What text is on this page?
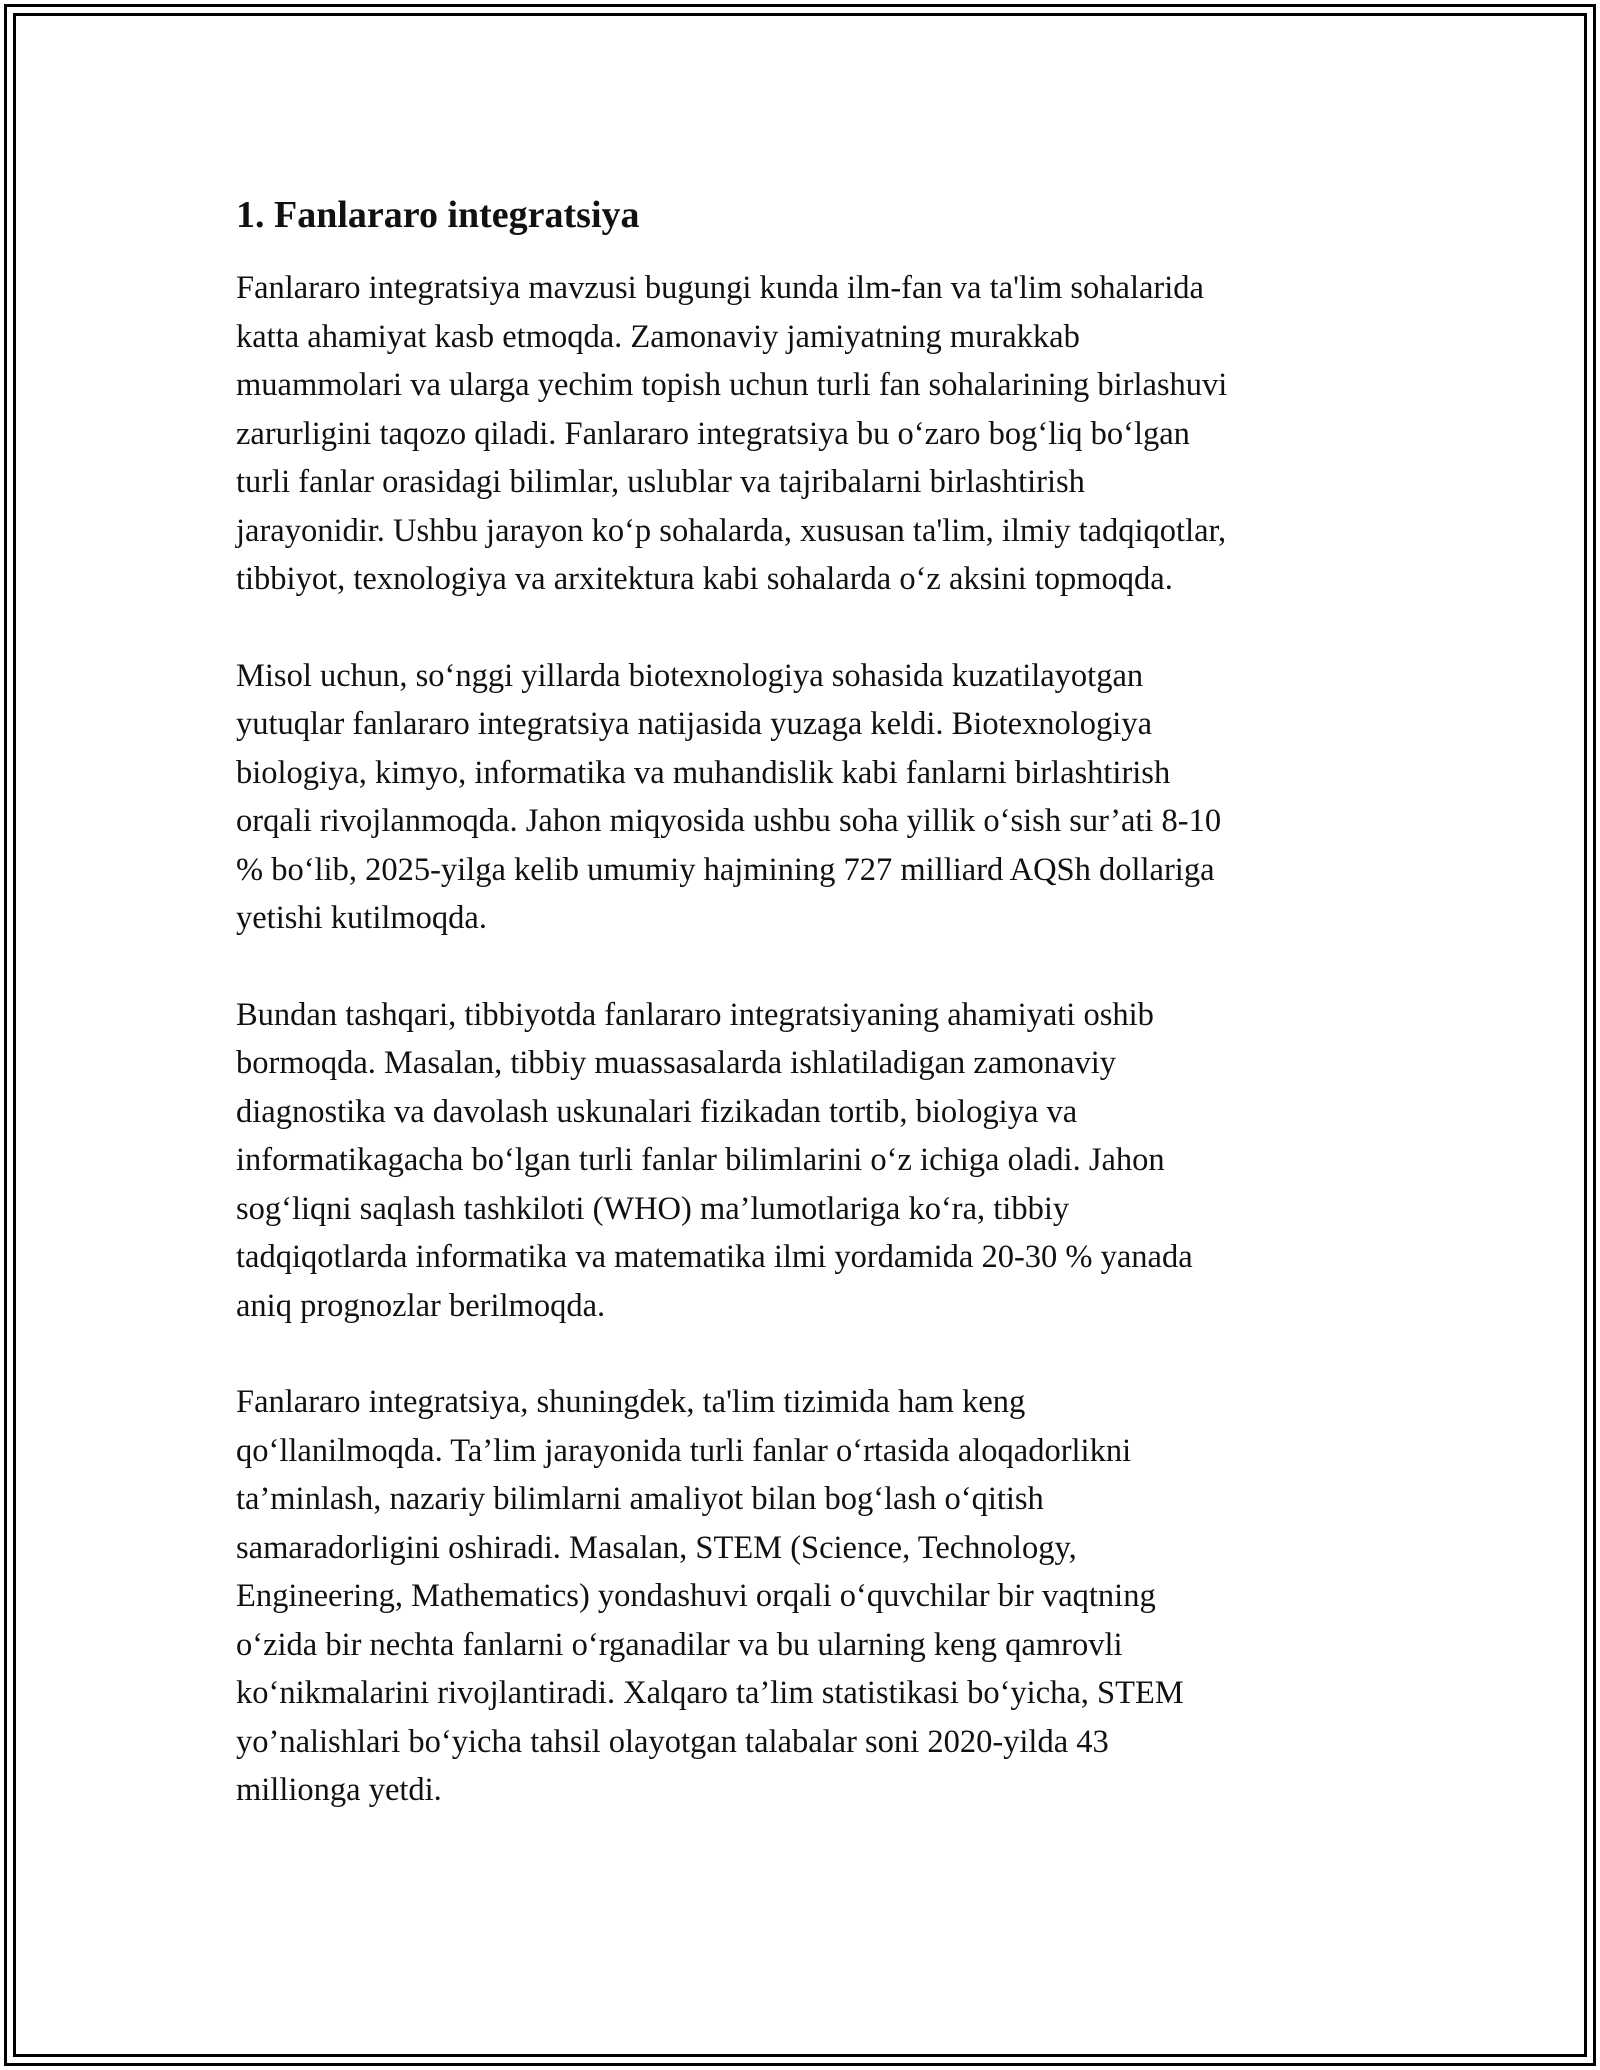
1. Fanlararo integratsiya

Fanlararo integratsiya mavzusi bugungi kunda ilm-fan va ta'lim sohalarida
katta ahamiyat kasb etmoqda. Zamonaviy jamiyatning murakkab
muammolari va ularga yechim topish uchun turli fan sohalarining birlashuvi
zarurligini taqozo qiladi. Fanlararo integratsiya bu o‘zaro bog‘liq bo‘lgan
turli fanlar orasidagi bilimlar, uslublar va tajribalarni birlashtirish
jarayonidir. Ushbu jarayon ko‘p sohalarda, xususan ta'lim, ilmiy tadqiqotlar,
tibbiyot, texnologiya va arxitektura kabi sohalarda o‘z aksini topmoqda.

Misol uchun, so‘nggi yillarda biotexnologiya sohasida kuzatilayotgan
yutuqlar fanlararo integratsiya natijasida yuzaga keldi. Biotexnologiya
biologiya, kimyo, informatika va muhandislik kabi fanlarni birlashtirish
orqali rivojlanmoqda. Jahon miqyosida ushbu soha yillik o‘sish sur’ati 8-10
% bo‘lib, 2025-yilga kelib umumiy hajmining 727 milliard AQSh dollariga
yetishi kutilmoqda.

Bundan tashqari, tibbiyotda fanlararo integratsiyaning ahamiyati oshib
bormoqda. Masalan, tibbiy muassasalarda ishlatiladigan zamonaviy
diagnostika va davolash uskunalari fizikadan tortib, biologiya va
informatikagacha bo‘lgan turli fanlar bilimlarini o‘z ichiga oladi. Jahon
sog‘liqni saqlash tashkiloti (WHO) ma’lumotlariga ko‘ra, tibbiy
tadqiqotlarda informatika va matematika ilmi yordamida 20-30 % yanada
aniq prognozlar berilmoqda.

Fanlararo integratsiya, shuningdek, ta'lim tizimida ham keng
qo‘llanilmoqda. Ta’lim jarayonida turli fanlar o‘rtasida aloqadorlikni
ta’minlash, nazariy bilimlarni amaliyot bilan bog‘lash o‘qitish
samaradorligini oshiradi. Masalan, STEM (Science, Technology,
Engineering, Mathematics) yondashuvi orqali o‘quvchilar bir vaqtning
o‘zida bir nechta fanlarni o‘rganadilar va bu ularning keng qamrovli
ko‘nikmalarini rivojlantiradi. Xalqaro ta’lim statistikasi bo‘yicha, STEM
yo’nalishlari bo‘yicha tahsil olayotgan talabalar soni 2020-yilda 43
millionga yetdi.
